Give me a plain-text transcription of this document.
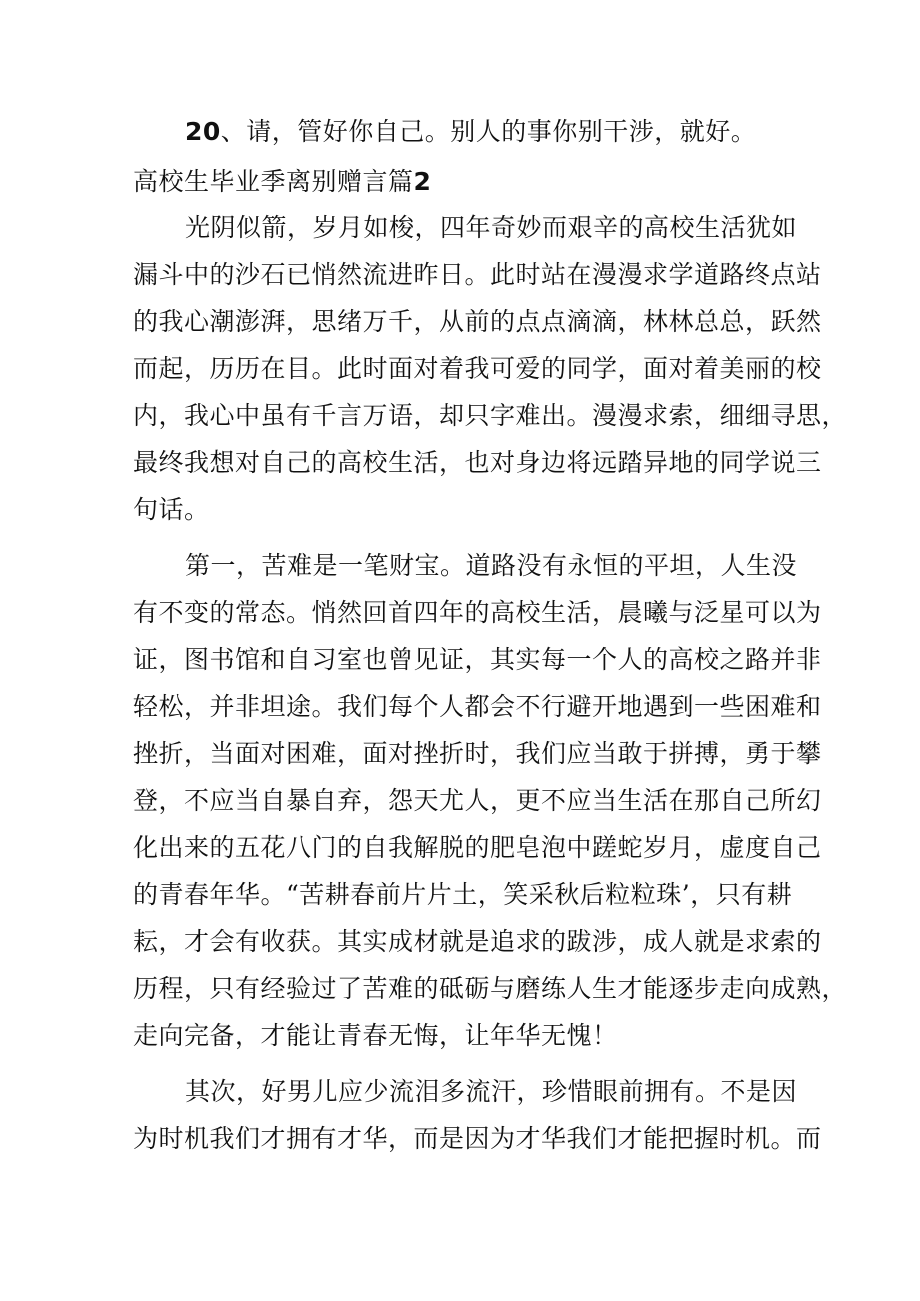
20、请，管好你自己。别人的事你别干涉，就好。
高校生毕业季离别赠言篇2
光阴似箭，岁月如梭，四年奇妙而艰辛的高校生活犹如
漏斗中的沙石已悄然流进昨日。此时站在漫漫求学道路终点站
的我心潮澎湃，思绪万千，从前的点点滴滴，林林总总，跃然
而起，历历在目。此时面对着我可爱的同学，面对着美丽的校
内，我心中虽有千言万语，却只字难出。漫漫求索，细细寻思，
最终我想对自己的高校生活，也对身边将远踏异地的同学说三
句话。
第一，苦难是一笔财宝。道路没有永恒的平坦，人生没
有不变的常态。悄然回首四年的高校生活，晨曦与泛星可以为
证，图书馆和自习室也曾见证，其实每一个人的高校之路并非
轻松，并非坦途。我们每个人都会不行避开地遇到一些困难和
挫折，当面对困难，面对挫折时，我们应当敢于拼搏，勇于攀
登，不应当自暴自弃，怨天尤人，更不应当生活在那自己所幻
化出来的五花八门的自我解脱的肥皂泡中蹉蛇岁月，虚度自己
的青春年华。“苦耕春前片片土，笑采秋后粒粒珠’，只有耕
耘，才会有收获。其实成材就是追求的跋涉，成人就是求索的
历程，只有经验过了苦难的砥砺与磨练人生才能逐步走向成熟，
走向完备，才能让青春无悔，让年华无愧！
其次，好男儿应少流泪多流汗，珍惜眼前拥有。不是因
为时机我们才拥有才华，而是因为才华我们才能把握时机。而
